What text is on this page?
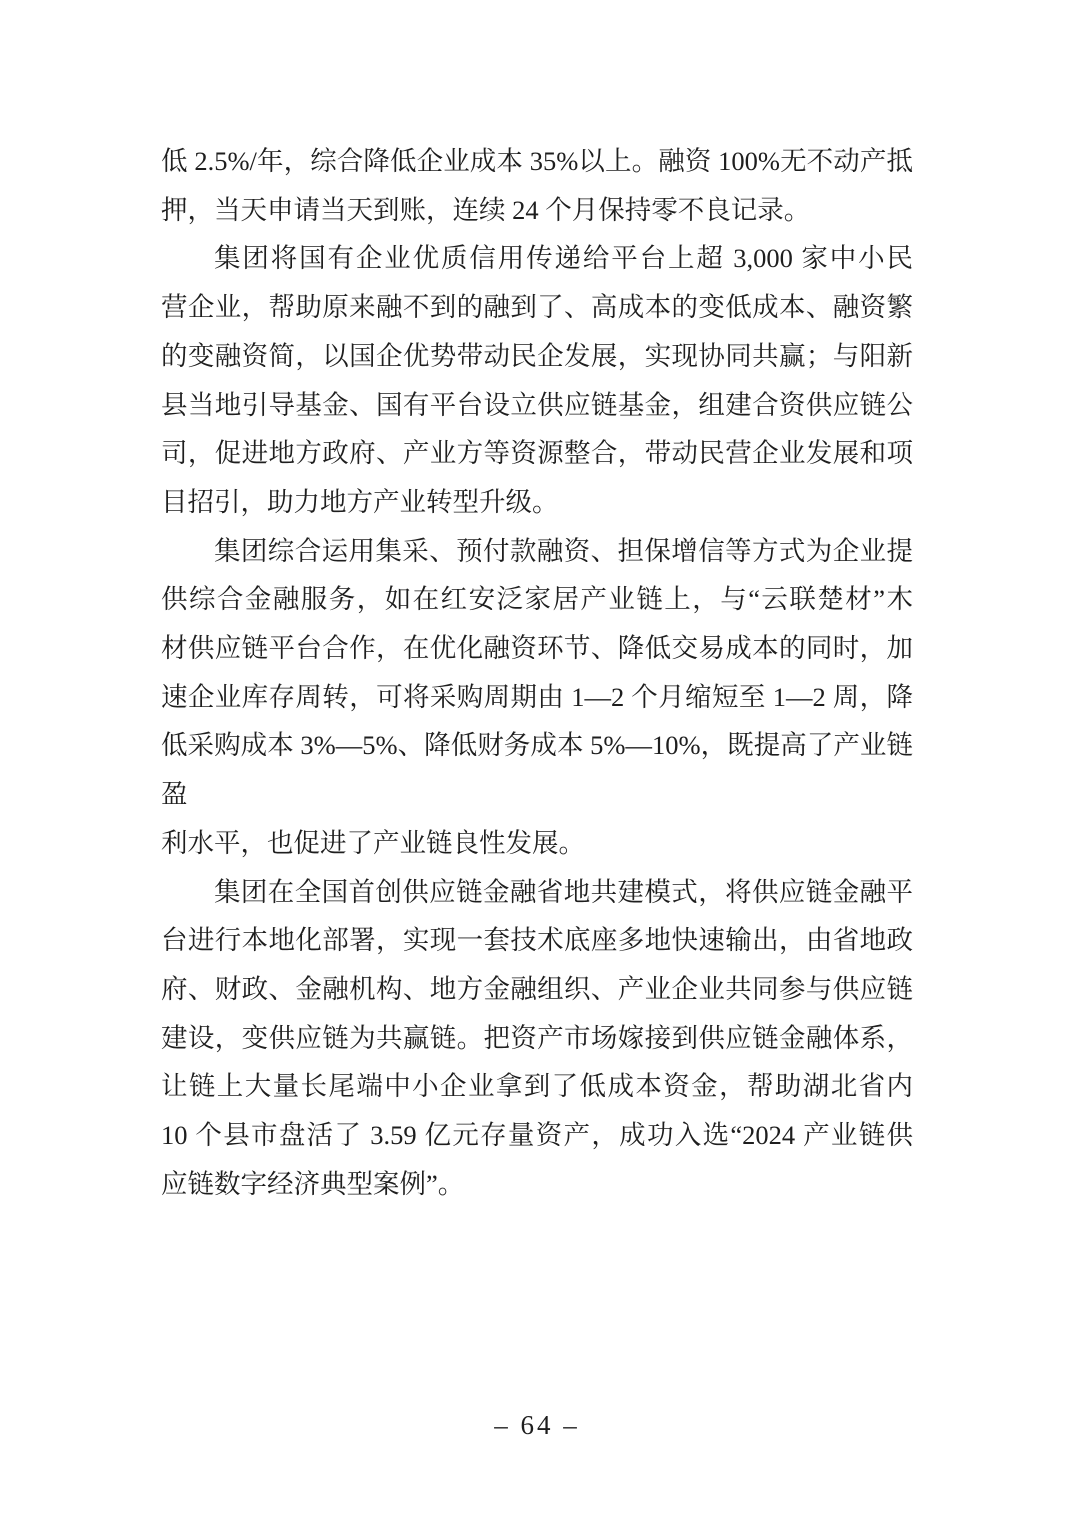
低 2.5%/年，综合降低企业成本 35%以上。融资 100%无不动产抵
押，当天申请当天到账，连续 24 个月保持零不良记录。
集团将国有企业优质信用传递给平台上超 3,000 家中小民
营企业，帮助原来融不到的融到了、高成本的变低成本、融资繁
的变融资简，以国企优势带动民企发展，实现协同共赢；与阳新
县当地引导基金、国有平台设立供应链基金，组建合资供应链公
司，促进地方政府、产业方等资源整合，带动民营企业发展和项
目招引，助力地方产业转型升级。
集团综合运用集采、预付款融资、担保增信等方式为企业提
供综合金融服务，如在红安泛家居产业链上，与“云联楚材”木
材供应链平台合作，在优化融资环节、降低交易成本的同时，加
速企业库存周转，可将采购周期由 1—2 个月缩短至 1—2 周，降
低采购成本 3%—5%、降低财务成本 5%—10%，既提高了产业链盈
利水平，也促进了产业链良性发展。
集团在全国首创供应链金融省地共建模式，将供应链金融平
台进行本地化部署，实现一套技术底座多地快速输出，由省地政
府、财政、金融机构、地方金融组织、产业企业共同参与供应链
建设，变供应链为共赢链。把资产市场嫁接到供应链金融体系，
让链上大量长尾端中小企业拿到了低成本资金，帮助湖北省内
10 个县市盘活了 3.59 亿元存量资产，成功入选“2024 产业链供
应链数字经济典型案例”。
– 64 –
